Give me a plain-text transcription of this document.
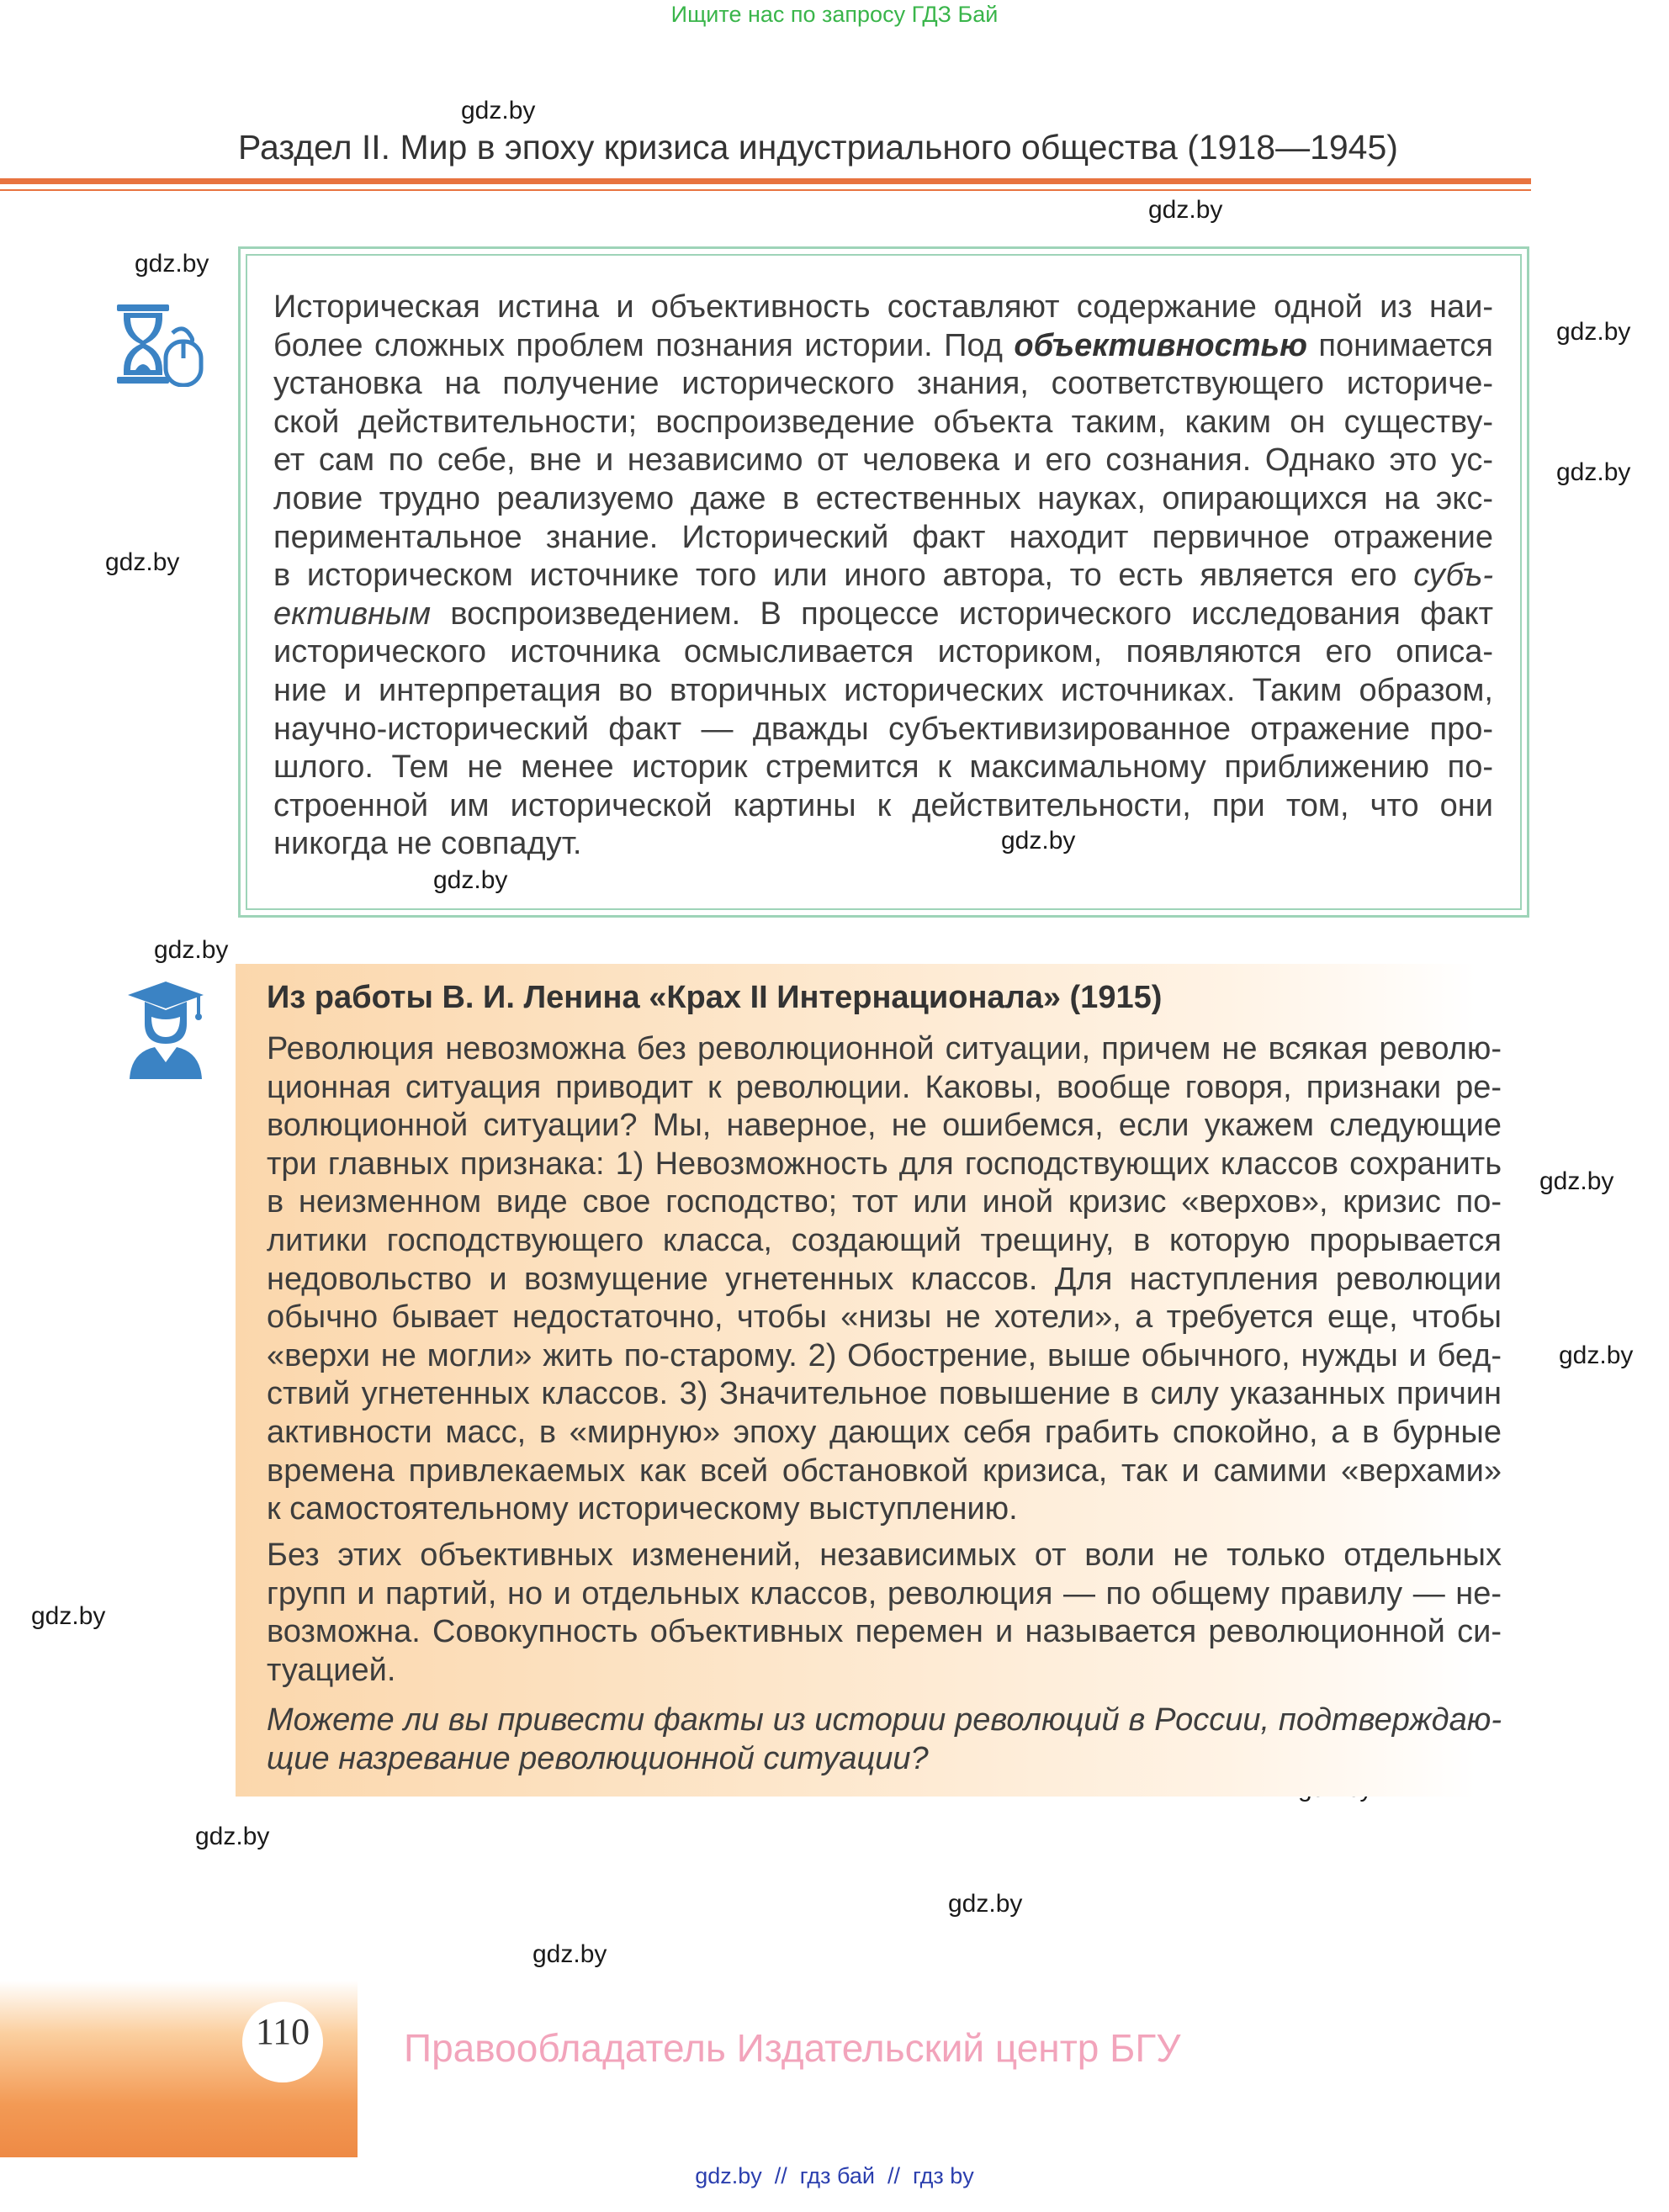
Ищите нас по запросу ГДЗ Бай
gdz.by
gdz.by
gdz.by
gdz.by
gdz.by
gdz.by
gdz.by
gdz.by
gdz.by
gdz.by
gdz.by
gdz.by
gdz.by
gdz.by
gdz.by
Раздел II. Мир в эпоху кризиса индустриального общества (1918—1945)
Историческая истина и объективность составляют содержание одной из наи-
более сложных проблем познания истории. Под объективностью понимается
установка на получение исторического знания, соответствующего историче-
ской действительности; воспроизведение объекта таким, каким он существу-
ет сам по себе, вне и независимо от человека и его сознания. Однако это ус-
ловие трудно реализуемо даже в естественных науках, опирающихся на экс-
периментальное знание. Исторический факт находит первичное отражение
в историческом источнике того или иного автора, то есть является его субъ-
ективным воспроизведением. В процессе исторического исследования факт
исторического источника осмысливается историком, появляются его описа-
ние и интерпретация во вторичных исторических источниках. Таким образом,
научно-исторический факт — дважды субъективизированное отражение про-
шлого. Тем не менее историк стремится к максимальному приближению по-
строенной им исторической картины к действительности, при том, что они
никогда не совпадут.
Из работы В. И. Ленина «Крах II Интернационала» (1915)
Революция невозможна без революционной ситуации, причем не всякая револю-
ционная ситуация приводит к революции. Каковы, вообще говоря, признаки ре-
волюционной ситуации? Мы, наверное, не ошибемся, если укажем следующие
три главных признака: 1) Невозможность для господствующих классов сохранить
в неизменном виде свое господство; тот или иной кризис «верхов», кризис по-
литики господствующего класса, создающий трещину, в которую прорывается
недовольство и возмущение угнетенных классов. Для наступления революции
обычно бывает недостаточно, чтобы «низы не хотели», а требуется еще, чтобы
«верхи не могли» жить по-старому. 2) Обострение, выше обычного, нужды и бед-
ствий угнетенных классов. 3) Значительное повышение в силу указанных причин
активности масс, в «мирную» эпоху дающих себя грабить спокойно, а в бурные
времена привлекаемых как всей обстановкой кризиса, так и самими «верхами»
к самостоятельному историческому выступлению.
Без этих объективных изменений, независимых от воли не только отдельных
групп и партий, но и отдельных классов, революция — по общему правилу — не-
возможна. Совокупность объективных перемен и называется революционной си-
туацией.
Можете ли вы привести факты из истории революций в России, подтверждаю-
щие назревание революционной ситуации?
110	Правообладатель Издательский центр БГУ
gdz.by  //  гдз бай  //  гдз by
